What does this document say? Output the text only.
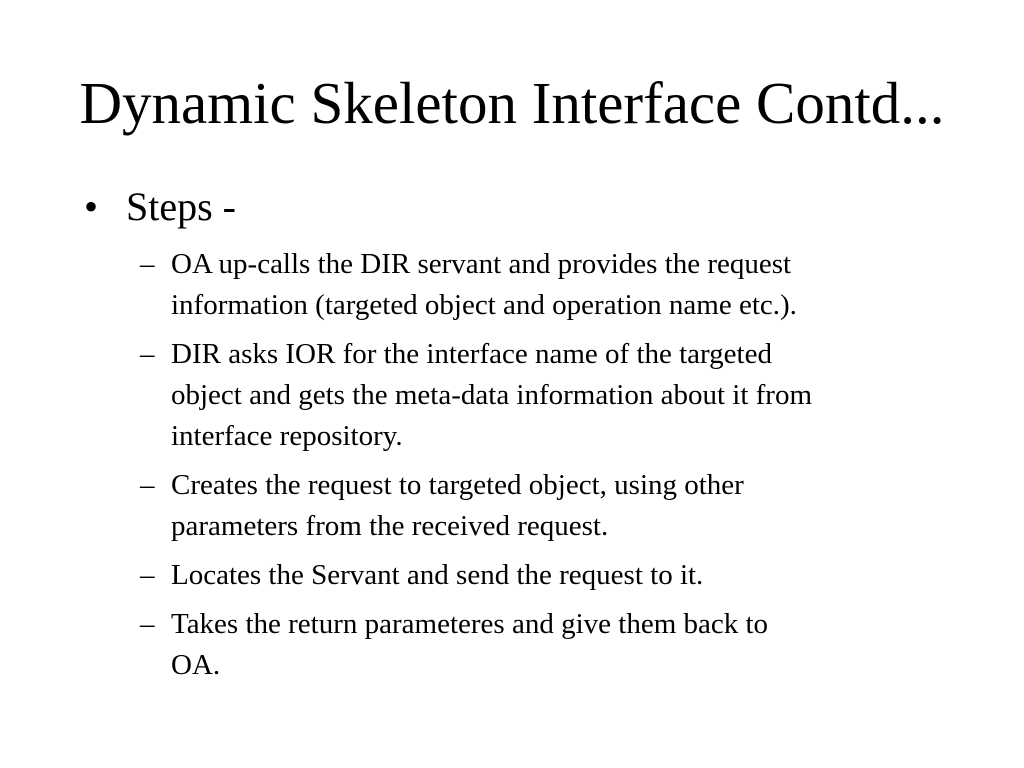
Dynamic Skeleton Interface Contd...
• Steps -
– OA up-calls the DIR servant and provides the request
information (targeted object and operation name etc.).
– DIR asks IOR for the interface name of the targeted
object and gets the meta-data information about it from
interface repository.
– Creates the request to targeted object, using other
parameters from the received request.
– Locates the Servant and send the request to it.
– Takes the return parameteres and give them back to
OA.
